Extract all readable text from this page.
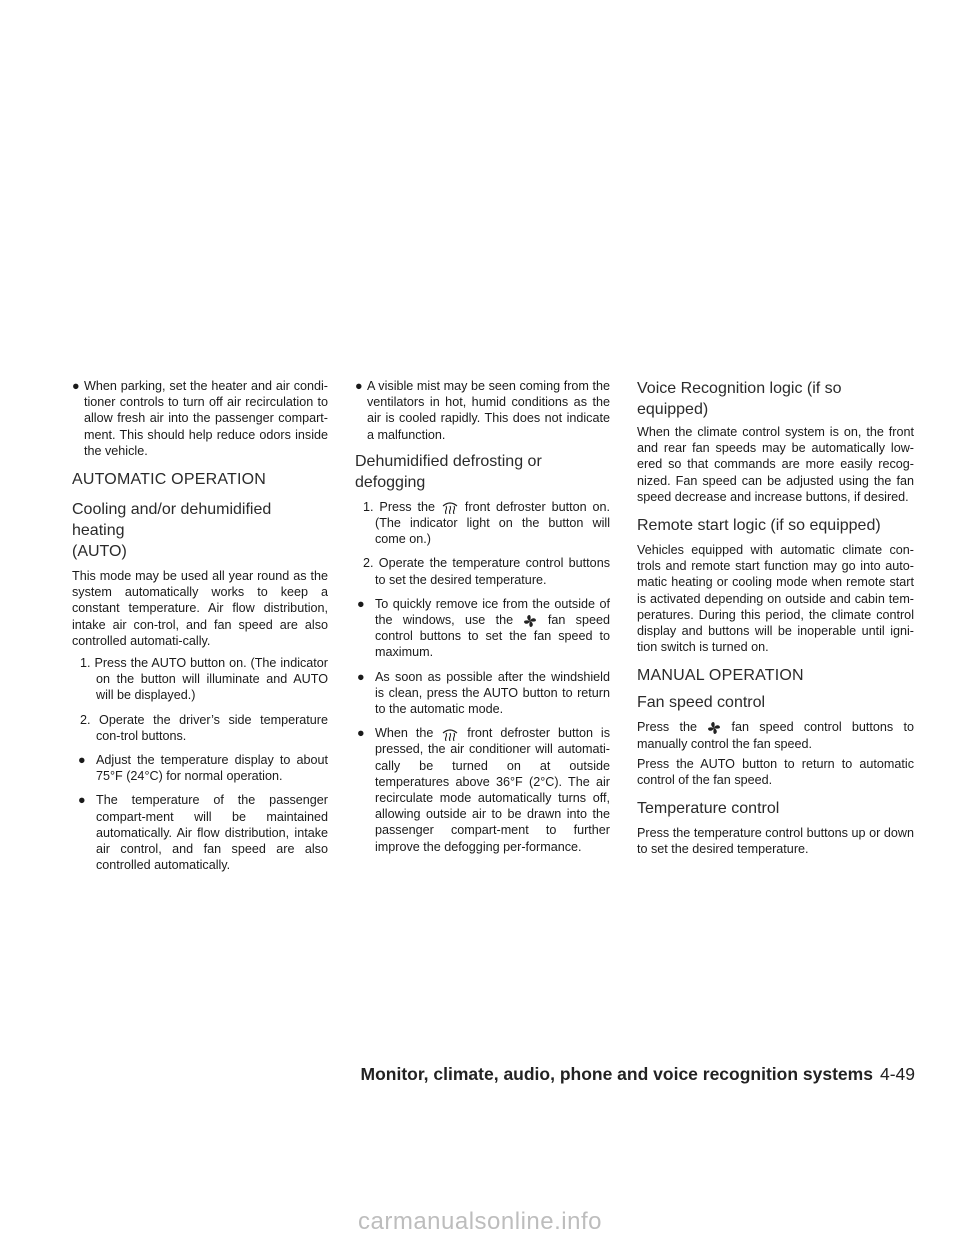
● When parking, set the heater and air condi-tioner controls to turn off air recirculation to allow fresh air into the passenger compart-ment. This should help reduce odors inside the vehicle.
AUTOMATIC OPERATION
Cooling and/or dehumidified heating
(AUTO)

This mode may be used all year round as the system automatically works to keep a constant temperature. Air flow distribution, intake air con-trol, and fan speed are also controlled automati-cally.

1. Press the AUTO button on. (The indicator on the button will illuminate and AUTO will be displayed.)
2. Operate the driver’s side temperature con-trol buttons.
● Adjust the temperature display to about 75°F (24°C) for normal operation.
● The temperature of the passenger compart-ment will be maintained automatically. Air flow distribution, intake air control, and fan speed are also controlled automatically.
● A visible mist may be seen coming from the ventilators in hot, humid conditions as the air is cooled rapidly. This does not indicate a malfunction.
Dehumidified defrosting or defogging
1. Press the front defroster button on. (The indicator light on the button will come on.)
2. Operate the temperature control buttons to set the desired temperature.
● To quickly remove ice from the outside of the windows, use the	fan speed control buttons to set the fan speed to maximum.
● As soon as possible after the windshield is clean, press the AUTO button to return to the automatic mode.
● When the	front defroster button is pressed, the air conditioner will automati-cally be turned on at outside temperatures above 36°F (2°C). The air recirculate mode automatically turns off, allowing outside air to be drawn into the passenger compart-ment to further improve the defogging per-formance.
Voice Recognition logic (if so
equipped)

When the climate control system is on, the front and rear fan speeds may be automatically low-ered so that commands are more easily recog-nized. Fan speed can be adjusted using the fan speed decrease and increase buttons, if desired.

Remote start logic (if so equipped)

Vehicles equipped with automatic climate con-trols and remote start function may go into auto-matic heating or cooling mode when remote start is activated depending on outside and cabin tem-peratures. During this period, the climate control display and buttons will be inoperable until igni-tion switch is turned on.

MANUAL OPERATION
Fan speed control

Press the	fan speed control buttons to manually control the fan speed.

Press the AUTO button to return to automatic control of the fan speed.

Temperature control

Press the temperature control buttons up or down to set the desired temperature.

Monitor, climate, audio, phone and voice recognition systems 4-49
carmanualsonline.info
